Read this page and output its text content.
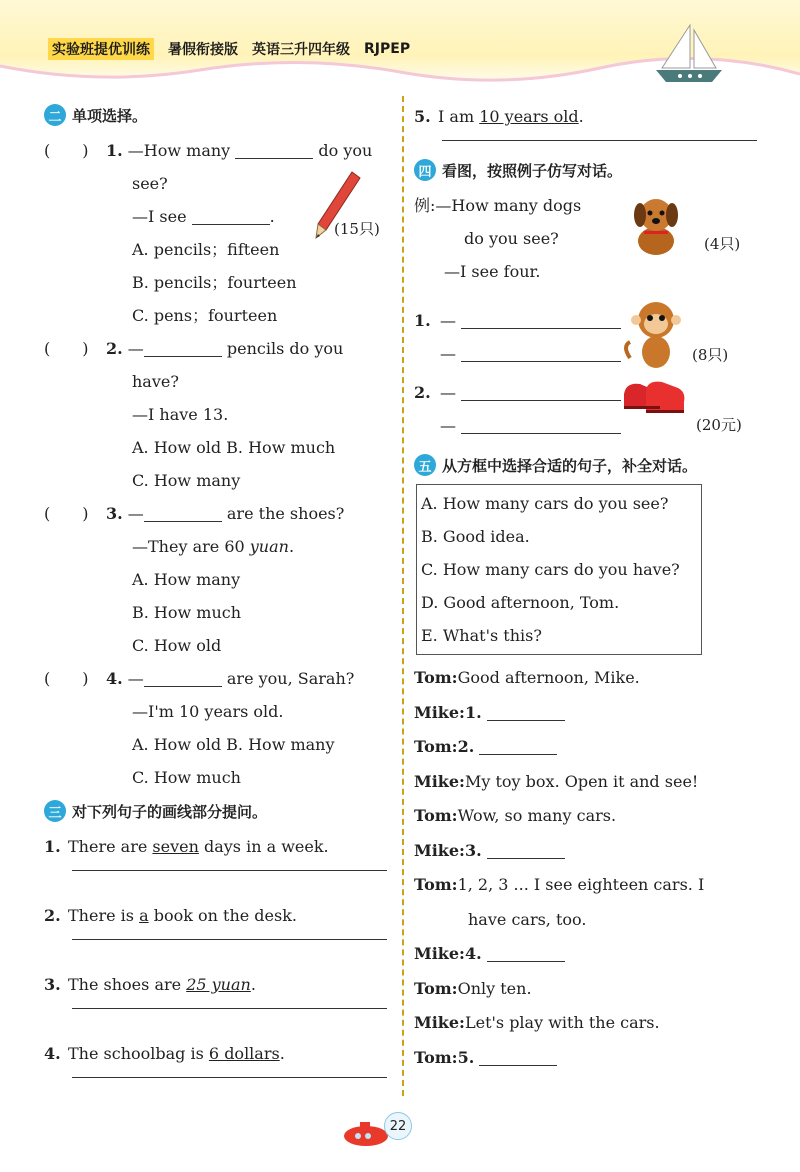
实验班提优训练 暑假衔接版 英语三升四年级 RJPEP
二 单项选择。
(　　) 1. —How many	do you
see?
—I see	.
A. pencils；fifteen
B. pencils；fourteen
C. pens；fourteen
(15只)
(　　) 2. —	pencils do you
have?
—I have 13.
A. How old B. How much
C. How many
(　　) 3. —	are the shoes?
—They are 60 yuan.
A. How many
B. How much
C. How old
(　　) 4. —	are you, Sarah?
—I'm 10 years old.
A. How old B. How many
C. How much
三 对下列句子的画线部分提问。
1. There are seven days in a week.
2. There is a book on the desk.
3. The shoes are 25 yuan.
4. The schoolbag is 6 dollars.
5. I am 10 years old.
四 看图，按照例子仿写对话。
例:—How many dogs
do you see?
—I see four.
(4只)
1. —
—	(8只)
2. —
—	(20元)
五 从方框中选择合适的句子，补全对话。
A. How many cars do you see?
B. Good idea.
C. How many cars do you have?
D. Good afternoon, Tom.
E. What's this?
Tom:Good afternoon, Mike.
Mike:1.
Tom:2.
Mike:My toy box. Open it and see!
Tom:Wow, so many cars.
Mike:3.
Tom:1, 2, 3 ... I see eighteen cars. I
have cars, too.
Mike:4.
Tom:Only ten.
Mike:Let's play with the cars.
Tom:5.
22
